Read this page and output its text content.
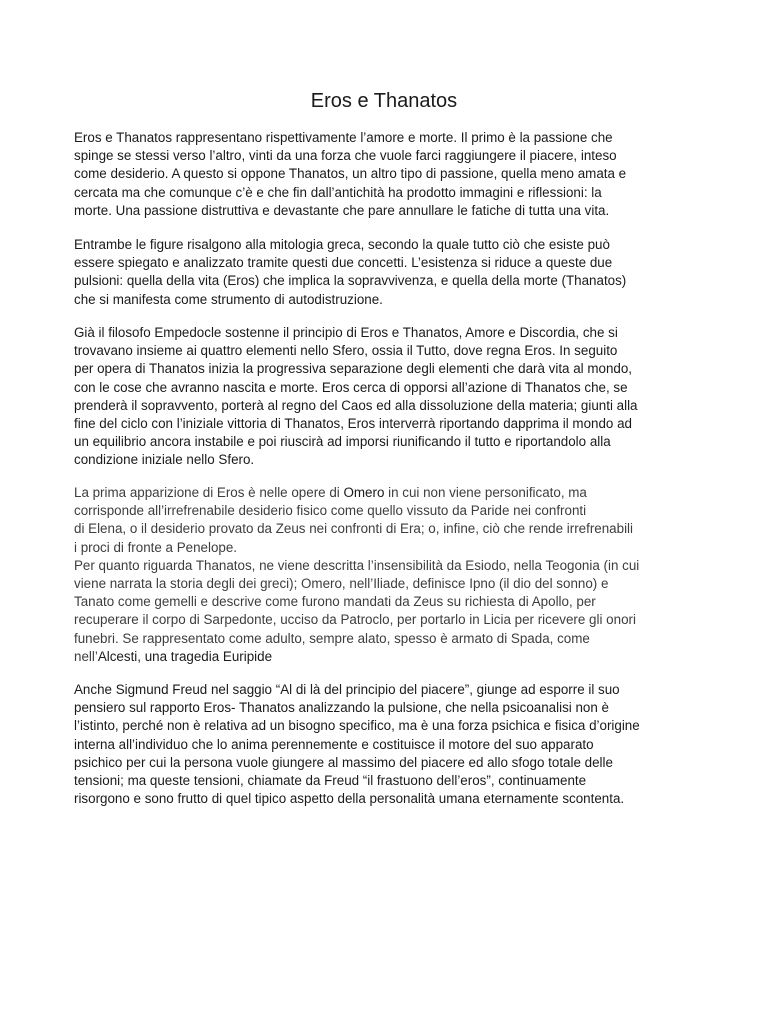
Eros e Thanatos

Eros e Thanatos rappresentano rispettivamente l’amore e morte. Il primo è la passione che
spinge se stessi verso l’altro, vinti da una forza che vuole farci raggiungere il piacere, inteso
come desiderio. A questo si oppone Thanatos, un altro tipo di passione, quella meno amata e
cercata ma che comunque c’è e che fin dall’antichità ha prodotto immagini e riflessioni: la
morte. Una passione distruttiva e devastante che pare annullare le fatiche di tutta una vita.

Entrambe le figure risalgono alla mitologia greca, secondo la quale tutto ciò che esiste può
essere spiegato e analizzato tramite questi due concetti. L’esistenza si riduce a queste due
pulsioni: quella della vita (Eros) che implica la sopravvivenza, e quella della morte (Thanatos)
che si manifesta come strumento di autodistruzione.

Già il filosofo Empedocle sostenne il principio di Eros e Thanatos, Amore e Discordia, che si
trovavano insieme ai quattro elementi nello Sfero, ossia il Tutto, dove regna Eros. In seguito
per opera di Thanatos inizia la progressiva separazione degli elementi che darà vita al mondo,
con le cose che avranno nascita e morte. Eros cerca di opporsi all’azione di Thanatos che, se
prenderà il sopravvento, porterà al regno del Caos ed alla dissoluzione della materia; giunti alla
fine del ciclo con l’iniziale vittoria di Thanatos, Eros interverrà riportando dapprima il mondo ad
un equilibrio ancora instabile e poi riuscirà ad imporsi riunificando il tutto e riportandolo alla
condizione iniziale nello Sfero.

La prima apparizione di Eros è nelle opere di Omero in cui non viene personificato, ma
corrisponde all’irrefrenabile desiderio fisico come quello vissuto da Paride nei confronti
di Elena, o il desiderio provato da Zeus nei confronti di Era; o, infine, ciò che rende irrefrenabili
i proci di fronte a Penelope.
Per quanto riguarda Thanatos, ne viene descritta l’insensibilità da Esiodo, nella Teogonia (in cui
viene narrata la storia degli dei greci); Omero, nell’Iliade, definisce Ipno (il dio del sonno) e
Tanato come gemelli e descrive come furono mandati da Zeus su richiesta di Apollo, per
recuperare il corpo di Sarpedonte, ucciso da Patroclo, per portarlo in Licia per ricevere gli onori
funebri. Se rappresentato come adulto, sempre alato, spesso è armato di Spada, come
nell’Alcesti, una tragedia Euripide

Anche Sigmund Freud nel saggio “Al di là del principio del piacere”, giunge ad esporre il suo
pensiero sul rapporto Eros- Thanatos analizzando la pulsione, che nella psicoanalisi non è
l’istinto, perché non è relativa ad un bisogno specifico, ma è una forza psichica e fisica d’origine
interna all’individuo che lo anima perennemente e costituisce il motore del suo apparato
psichico per cui la persona vuole giungere al massimo del piacere ed allo sfogo totale delle
tensioni; ma queste tensioni, chiamate da Freud “il frastuono dell’eros”, continuamente
risorgono e sono frutto di quel tipico aspetto della personalità umana eternamente scontenta.
